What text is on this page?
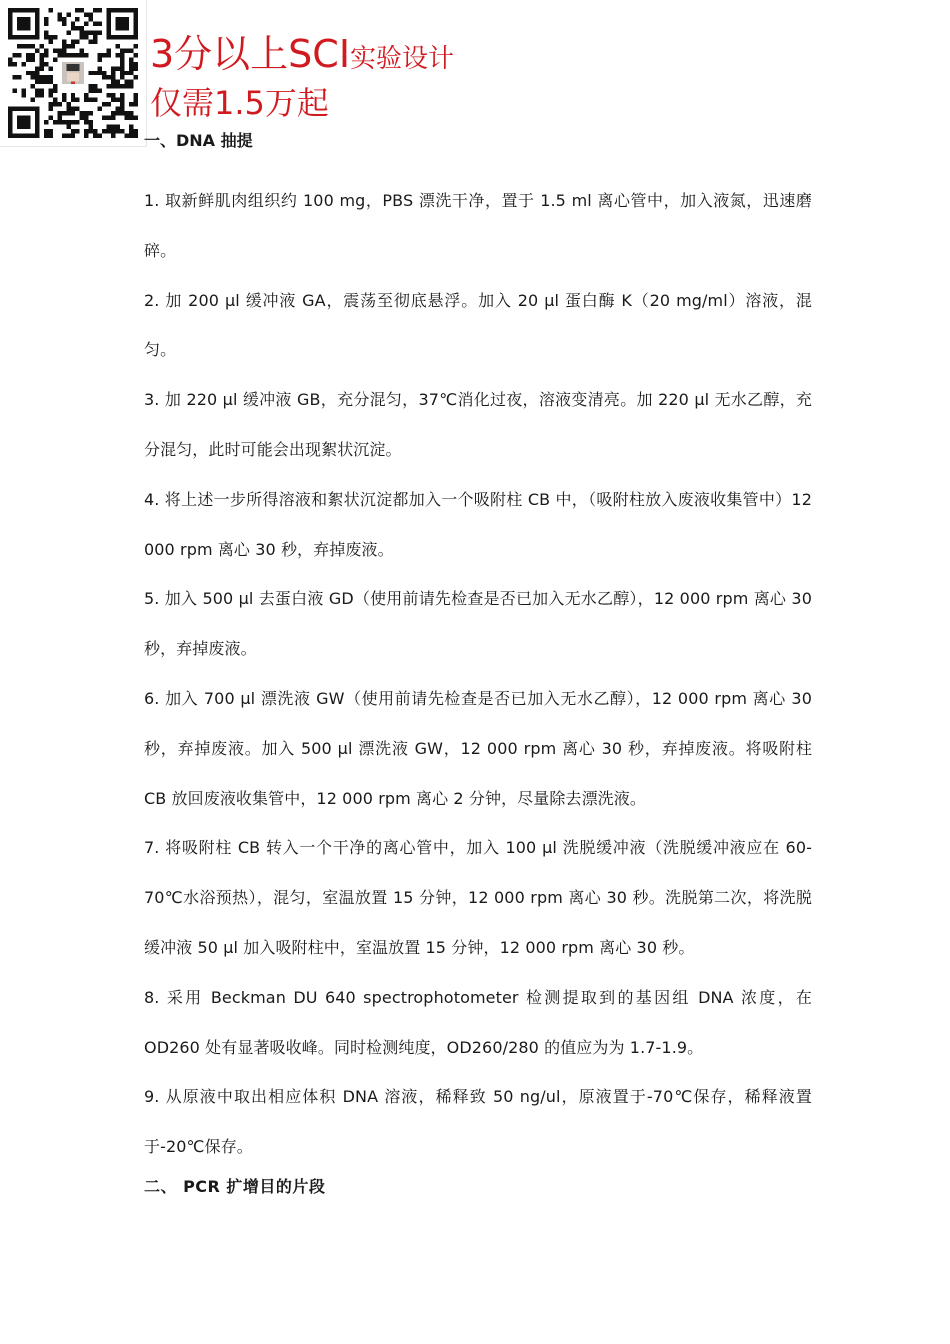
3分以上SCI实验设计
仅需1.5万起

一、DNA 抽提

1. 取新鲜肌肉组织约 100 mg，PBS 漂洗干净，置于 1.5 ml 离心管中，加入液氮，迅速磨碎。

2. 加 200 μl 缓冲液 GA，震荡至彻底悬浮。加入 20 μl 蛋白酶 K（20 mg/ml）溶液，混匀。

3. 加 220 μl 缓冲液 GB，充分混匀，37℃消化过夜，溶液变清亮。加 220 μl 无水乙醇，充分混匀，此时可能会出现絮状沉淀。

4. 将上述一步所得溶液和絮状沉淀都加入一个吸附柱 CB 中，（吸附柱放入废液收集管中）12 000 rpm 离心 30 秒，弃掉废液。

5. 加入 500 μl 去蛋白液 GD（使用前请先检查是否已加入无水乙醇），12 000 rpm 离心 30 秒，弃掉废液。

6. 加入 700 μl 漂洗液 GW（使用前请先检查是否已加入无水乙醇），12 000 rpm 离心 30 秒，弃掉废液。加入 500 μl 漂洗液 GW，12 000 rpm 离心 30 秒，弃掉废液。将吸附柱 CB 放回废液收集管中，12 000 rpm 离心 2 分钟，尽量除去漂洗液。

7. 将吸附柱 CB 转入一个干净的离心管中，加入 100 μl 洗脱缓冲液（洗脱缓冲液应在 60-70℃水浴预热），混匀，室温放置 15 分钟，12 000 rpm 离心 30 秒。洗脱第二次，将洗脱缓冲液 50 μl 加入吸附柱中，室温放置 15 分钟，12 000 rpm 离心 30 秒。

8. 采用 Beckman DU 640 spectrophotometer 检测提取到的基因组 DNA 浓度，在 OD260 处有显著吸收峰。同时检测纯度，OD260/280 的值应为为 1.7-1.9。

9. 从原液中取出相应体积 DNA 溶液，稀释致 50 ng/ul，原液置于-70℃保存，稀释液置于-20℃保存。

二、 PCR 扩增目的片段
